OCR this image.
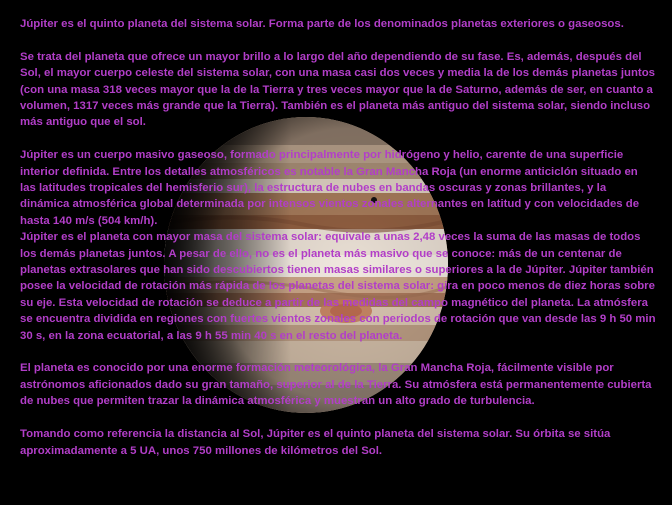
Júpiter es el quinto planeta del sistema solar. Forma parte de los denominados planetas exteriores o gaseosos.

Se trata del planeta que ofrece un mayor brillo a lo largo del año dependiendo de su fase. Es, además, después del Sol, el mayor cuerpo celeste del sistema solar, con una masa casi dos veces y media la de los demás planetas juntos (con una masa 318 veces mayor que la de la Tierra y tres veces mayor que la de Saturno, además de ser, en cuanto a volumen, 1317 veces más grande que la Tierra). También es el planeta más antiguo del sistema solar, siendo incluso más antiguo que el sol.

Júpiter es un cuerpo masivo gaseoso, formado principalmente por hidrógeno y helio, carente de una superficie interior definida. Entre los detalles atmosféricos es notable la Gran Mancha Roja (un enorme anticiclón situado en las latitudes tropicales del hemisferio sur), la estructura de nubes en bandas oscuras y zonas brillantes, y la dinámica atmosférica global determinada por intensos vientos zonales alternantes en latitud y con velocidades de hasta 140 m/s (504 km/h).

Júpiter es el planeta con mayor masa del sistema solar: equivale a unas 2,48 veces la suma de las masas de todos los demás planetas juntos. A pesar de ello, no es el planeta más masivo que se conoce: más de un centenar de planetas extrasolares que han sido descubiertos tienen masas similares o superiores a la de Júpiter. Júpiter también posee la velocidad de rotación más rápida de los planetas del sistema solar: gira en poco menos de diez horas sobre su eje. Esta velocidad de rotación se deduce a partir de las medidas del campo magnético del planeta. La atmósfera se encuentra dividida en regiones con fuertes vientos zonales con periodos de rotación que van desde las 9 h 50 min 30 s, en la zona ecuatorial, a las 9 h 55 min 40 s en el resto del planeta.

El planeta es conocido por una enorme formación meteorológica, la Gran Mancha Roja, fácilmente visible por astrónomos aficionados dado su gran tamaño, superior al de la Tierra. Su atmósfera está permanentemente cubierta de nubes que permiten trazar la dinámica atmosférica y muestran un alto grado de turbulencia.

Tomando como referencia la distancia al Sol, Júpiter es el quinto planeta del sistema solar. Su órbita se sitúa aproximadamente a 5 UA, unos 750 millones de kilómetros del Sol.
